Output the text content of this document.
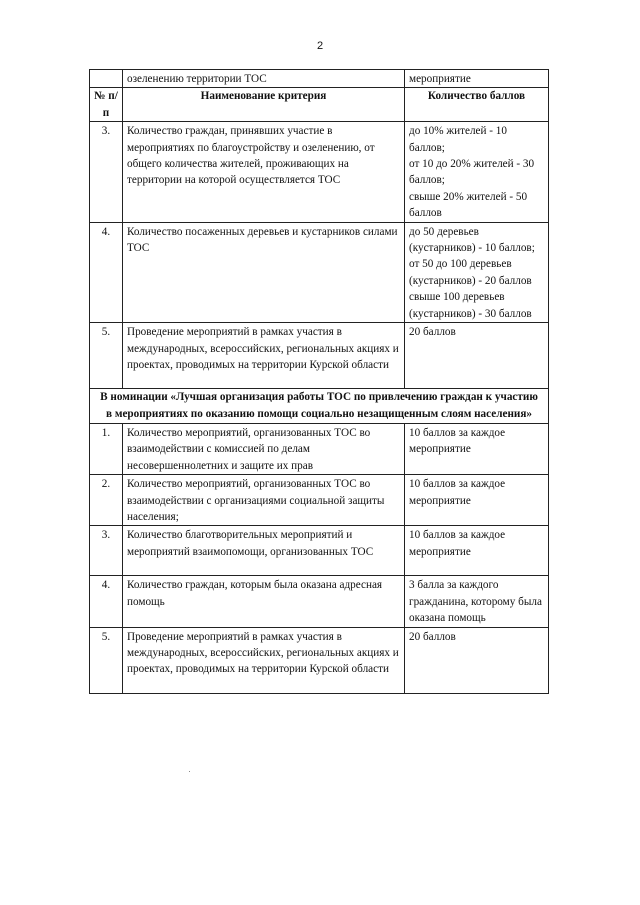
2
	озеленению территории ТОС	мероприятие
№ п/п	Наименование критерия	Количество баллов
3.	Количество граждан, принявших участие в мероприятиях по благоустройству и озеленению, от общего количества жителей, проживающих на территории на которой осуществляется ТОС	до 10% жителей - 10 баллов;
от 10 до 20% жителей - 30 баллов;
свыше 20% жителей - 50 баллов

4.	Количество посаженных деревьев и кустарников силами ТОС	до 50 деревьев (кустарников) - 10 баллов;
от 50 до 100 деревьев (кустарников) - 20 баллов
свыше 100 деревьев (кустарников) - 30 баллов

5.	Проведение мероприятий в рамках участия в международных, всероссийских, региональных акциях и проектах, проводимых на территории Курской области	20 баллов

В номинации «Лучшая организация работы ТОС по привлечению граждан к участию в мероприятиях по оказанию помощи социально незащищенным слоям населения»		
1.	Количество мероприятий, организованных ТОС во взаимодействии с комиссией по делам несовершеннолетних и защите их прав	10 баллов за каждое мероприятие

2.	Количество мероприятий, организованных ТОС во взаимодействии с организациями социальной защиты населения;	10 баллов за каждое мероприятие

3.	Количество благотворительных мероприятий и мероприятий взаимопомощи, организованных ТОС	10 баллов за каждое мероприятие

4.	Количество граждан, которым была оказана адресная помощь	3 балла за каждого гражданина, которому была оказана помощь

5.	Проведение мероприятий в рамках участия в международных, всероссийских, региональных акциях и проектах, проводимых на территории Курской области	20 баллов
